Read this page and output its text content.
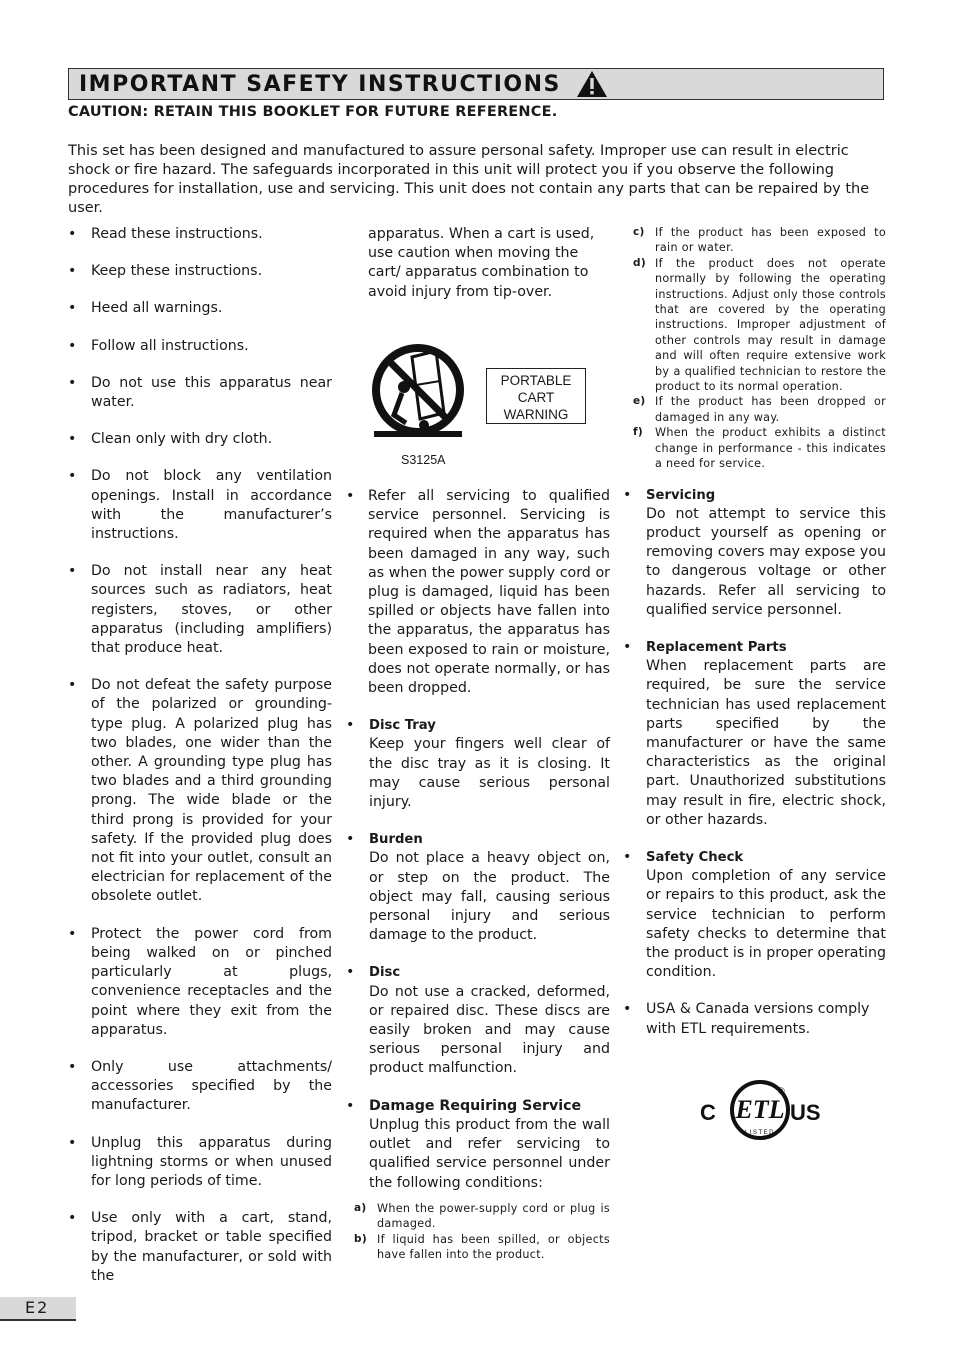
IMPORTANT SAFETY INSTRUCTIONS
CAUTION: RETAIN THIS BOOKLET FOR FUTURE REFERENCE.
This set has been designed and manufactured to assure personal safety. Improper use can result in electric shock or fire hazard. The safeguards incorporated in this unit will protect you if you observe the following procedures for installation, use and servicing. This unit does not contain any parts that can be repaired by the user.
• Read these instructions.
• Keep these instructions.
• Heed all warnings.
• Follow all instructions.
• Do not use this apparatus near water.
• Clean only with dry cloth.
• Do not block any ventilation openings. Install in accordance with the manufacturer’s instructions.
• Do not install near any heat sources such as radiators, heat registers, stoves, or other apparatus (including amplifiers) that produce heat.
• Do not defeat the safety purpose of the polarized or grounding-type plug. A polarized plug has two blades, one wider than the other. A grounding type plug has two blades and a third grounding prong. The wide blade or the third prong is provided for your safety. If the provided plug does not fit into your outlet, consult an electrician for replacement of the obsolete outlet.
• Protect the power cord from being walked on or pinched particularly at plugs, convenience receptacles and the point where they exit from the apparatus.
• Only use attachments/ accessories specified by the manufacturer.
• Unplug this apparatus during lightning storms or when unused for long periods of time.
• Use only with a cart, stand, tripod, bracket or table specified by the manufacturer, or sold with the
apparatus. When a cart is used, use caution when moving the cart/ apparatus combination to avoid injury from tip-over.
PORTABLE CART WARNING
S3125A
• Refer all servicing to qualified service personnel. Servicing is required when the apparatus has been damaged in any way, such as when the power supply cord or plug is damaged, liquid has been spilled or objects have fallen into the apparatus, the apparatus has been exposed to rain or moisture, does not operate normally, or has been dropped.
• Disc Tray
Keep your fingers well clear of the disc tray as it is closing. It may cause serious personal injury.
• Burden
Do not place a heavy object on, or step on the product. The object may fall, causing serious personal injury and serious damage to the product.
• Disc
Do not use a cracked, deformed, or repaired disc. These discs are easily broken and may cause serious personal injury and product malfunction.
• Damage Requiring Service
Unplug this product from the wall outlet and refer servicing to qualified service personnel under the following conditions:
a) When the power-supply cord or plug is damaged.
b) If liquid has been spilled, or objects have fallen into the product.
c) If the product has been exposed to rain or water.
d) If the product does not operate normally by following the operating instructions. Adjust only those controls that are covered by the operating instructions. Improper adjustment of other controls may result in damage and will often require extensive work by a qualified technician to restore the product to its normal operation.
e) If the product has been dropped or damaged in any way.
f) When the product exhibits a distinct change in performance - this indicates a need for service.
• Servicing
Do not attempt to service this product yourself as opening or removing covers may expose you to dangerous voltage or other hazards. Refer all servicing to qualified service personnel.
• Replacement Parts
When replacement parts are required, be sure the service technician has used replacement parts specified by the manufacturer or have the same characteristics as the original part. Unauthorized substitutions may result in fire, electric shock, or other hazards.
• Safety Check
Upon completion of any service or repairs to this product, ask the service technician to perform safety checks to determine that the product is in proper operating condition.
• USA & Canada versions comply with ETL requirements.
C ETL
LISTED
®
US
E2
